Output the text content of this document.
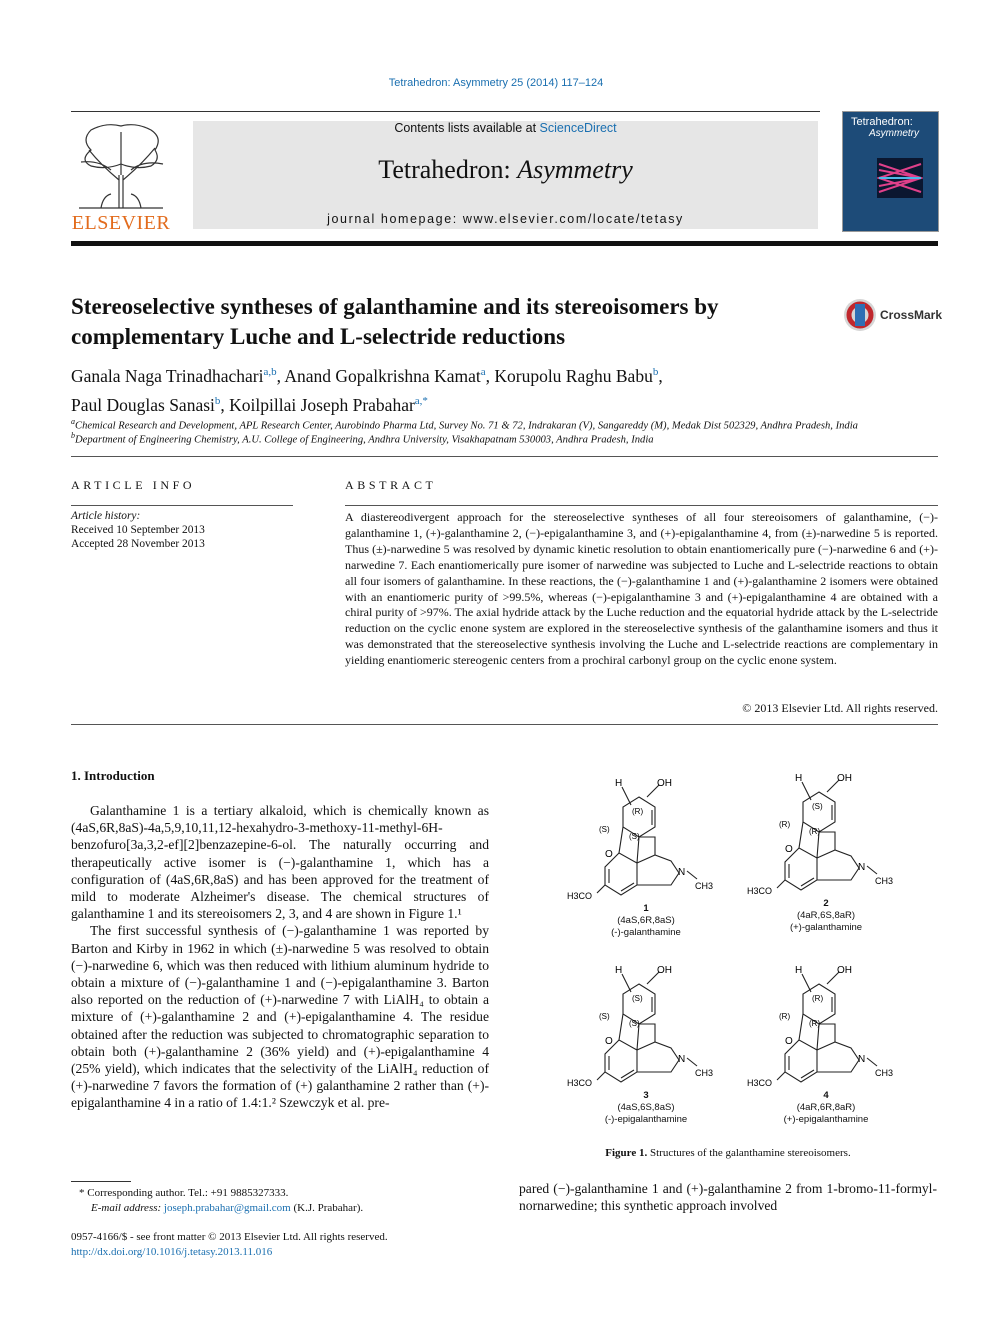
Tetrahedron: Asymmetry 25 (2014) 117–124
ELSEVIER
Contents lists available at ScienceDirect
Tetrahedron: Asymmetry
journal homepage: www.elsevier.com/locate/tetasy
Tetrahedron:
Asymmetry
Stereoselective syntheses of galanthamine and its stereoisomers by complementary Luche and L-selectride reductions
CrossMark
Ganala Naga Trinadhachari$^{a,b}$, Anand Gopalkrishna Kamat$^a$, Korupolu Raghu Babu$^b$,
Paul Douglas Sanasi$^b$, Koilpillai Joseph Prabahar$^{a,*}$
$^a$Chemical Research and Development, APL Research Center, Aurobindo Pharma Ltd, Survey No. 71 & 72, Indrakaran (V), Sangareddy (M), Medak Dist 502329, Andhra Pradesh, India
$^b$Department of Engineering Chemistry, A.U. College of Engineering, Andhra University, Visakhapatnam 530003, Andhra Pradesh, India
ARTICLE INFO
Article history:
Received 10 September 2013
Accepted 28 November 2013
ABSTRACT
A diastereodivergent approach for the stereoselective syntheses of all four stereoisomers of galanthamine, (−)-galanthamine 1, (+)-galanthamine 2, (−)-epigalanthamine 3, and (+)-epigalanthamine 4, from (±)-narwedine 5 is reported. Thus (±)-narwedine 5 was resolved by dynamic kinetic resolution to obtain enantiomerically pure (−)-narwedine 6 and (+)-narwedine 7. Each enantiomerically pure isomer of narwedine was subjected to Luche and L-selectride reactions to obtain all four isomers of galanthamine. In these reactions, the (−)-galanthamine 1 and (+)-galanthamine 2 isomers were obtained with an enantiomeric purity of >99.5%, whereas (−)-epigalanthamine 3 and (+)-epigalanthamine 4 are obtained with a chiral purity of >97%. The axial hydride attack by the Luche reduction and the equatorial hydride attack by the L-selectride reduction on the cyclic enone system are explored in the stereoselective synthesis of the galanthamine isomers and thus it was demonstrated that the stereoselective synthesis involving the Luche and L-selectride reactions are complementary in yielding enantiomeric stereogenic centers from a prochiral carbonyl group on the cyclic enone system.
© 2013 Elsevier Ltd. All rights reserved.
1. Introduction

Galanthamine 1 is a tertiary alkaloid, which is chemically known as (4aS,6R,8aS)-4a,5,9,10,11,12-hexahydro-3-methoxy-11-methyl-6H-benzofuro[3a,3,2-ef][2]benzazepine-6-ol. The naturally occurring and therapeutically active isomer is (−)-galanthamine 1, which has a configuration of (4aS,6R,8aS) and has been approved for the treatment of mild to moderate Alzheimer's disease. The chemical structures of galanthamine 1 and its stereoisomers 2, 3, and 4 are shown in Figure 1.¹

The first successful synthesis of (−)-galanthamine 1 was reported by Barton and Kirby in 1962 in which (±)-narwedine 5 was resolved to obtain (−)-narwedine 6, which was then reduced with lithium aluminum hydride to obtain a mixture of (−)-galanthamine 1 and (−)-epigalanthamine 3. Barton also reported on the reduction of (+)-narwedine 7 with LiAlH₄ to obtain a mixture of (+)-galanthamine 2 and (+)-epigalanthamine 4. The residue obtained after the reduction was subjected to chromatographic separation to obtain both (+)-galanthamine 2 (36% yield) and (+)-epigalanthamine 4 (25% yield), which indicates that the selectivity of the LiAlH₄ reduction of (+)-narwedine 7 favors the formation of (+) galanthamine 2 rather than (+)-epigalanthamine 4 in a ratio of 1.4:1.² Szewczyk et al. pre-

H	OH
(R)
(S)
(S)
O
N
CH3
H3CO
1
(4aS,6R,8aS)
(-)-galanthamine
H	OH
(S)
(R)
(R)
O
N
CH3
H3CO
2
(4aR,6S,8aR)
(+)-galanthamine
H	OH
(S)
(S)
(S)
O
N
CH3
H3CO
3
(4aS,6S,8aS)
(-)-epigalanthamine
H	OH
(R)
(R)
(R)
O
N
CH3
H3CO
4
(4aR,6R,8aR)
(+)-epigalanthamine
Figure 1. Structures of the galanthamine stereoisomers.
pared (−)-galanthamine 1 and (+)-galanthamine 2 from 1-bromo-11-formyl-nornarwedine; this synthetic approach involved
* Corresponding author. Tel.: +91 9885327333.
E-mail address: joseph.prabahar@gmail.com (K.J. Prabahar).
0957-4166/$ - see front matter © 2013 Elsevier Ltd. All rights reserved.
http://dx.doi.org/10.1016/j.tetasy.2013.11.016
